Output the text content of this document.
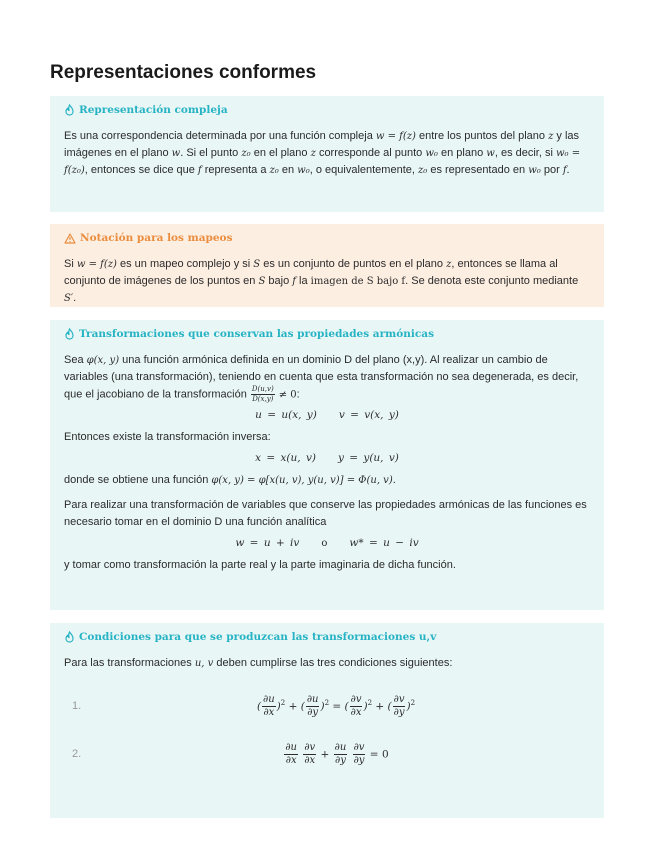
Representaciones conformes
Representación compleja

Es una correspondencia determinada por una función compleja w = f(z) entre los puntos del plano z y las imágenes en el plano w. Si el punto z₀ en el plano z corresponde al punto w₀ en plano w, es decir, si w₀ = f(z₀), entonces se dice que f representa a z₀ en w₀, o equivalentemente, z₀ es representado en w₀ por f.

Notación para los mapeos

Si w = f(z) es un mapeo complejo y si S es un conjunto de puntos en el plano z, entonces se llama al conjunto de imágenes de los puntos en S bajo f la imagen de S bajo f. Se denota este conjunto mediante S′.

Transformaciones que conservan las propiedades armónicas

Sea φ(x, y) una función armónica definida en un dominio D del plano (x,y). Al realizar un cambio de variables (una transformación), teniendo en cuenta que esta transformación no sea degenerada, es decir, que el jacobiano de la transformación $\frac{D(u,v)}{D(x,y)} \ne 0$:

u = u(x, y) v = v(x, y)

Entonces existe la transformación inversa:

x = x(u, v) y = y(u, v)

donde se obtiene una función φ(x, y) = φ[x(u, v), y(u, v)] = Φ(u, v).

Para realizar una transformación de variables que conserve las propiedades armónicas de las funciones es necesario tomar en el dominio D una función analítica

w = u + iv o w* = u − iv

y tomar como transformación la parte real y la parte imaginaria de dicha función.

Condiciones para que se produzcan las transformaciones u,v

Para las transformaciones u, v deben cumplirse las tres condiciones siguientes:

1.	( $\frac{\partial u}{\partial x} )^2$ + ( $\frac{\partial u}{\partial y} )^2$ = ( $\frac{\partial v}{\partial x} )^2$ + ( $\frac{\partial v}{\partial y} )^2$
2.	$\frac{\partial u}{\partial x}$
$\frac{\partial v}{\partial x} + \frac{\partial u}{\partial y}$
$\frac{\partial v}{\partial y} = 0$
